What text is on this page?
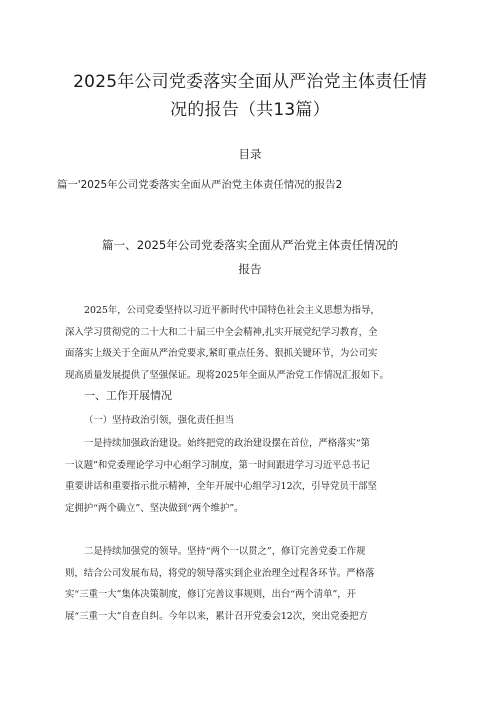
2025年公司党委落实全面从严治党主体责任情
况的报告（共13篇）
目录
篇一'2025年公司党委落实全面从严治党主体责任情况的报告2
篇一、2025年公司党委落实全面从严治党主体责任情况的
报告
2025年，公司党委坚持以习近平新时代中国特色社会主义思想为指导，
深入学习贯彻党的二十大和二十届三中全会精神,扎实开展党纪学习教育，全
面落实上级关于全面从严治党要求,紧盯重点任务、狠抓关键环节，为公司实
现高质量发展提供了坚强保证。现将2025年全面从严治党工作情况汇报如下。
一、工作开展情况
（一）坚持政治引领，强化责任担当
一是持续加强政治建设。始终把党的政治建设摆在首位，严格落实“第
一议题”和党委理论学习中心组学习制度，第一时间跟进学习习近平总书记
重要讲话和重要指示批示精神，全年开展中心组学习12次，引导党员干部坚
定拥护“两个确立”、坚决做到“两个维护”。
二是持续加强党的领导。坚持“两个一以贯之”，修订完善党委工作规
则，结合公司发展布局，将党的领导落实到企业治理全过程各环节。严格落
实“三重一大”集体决策制度，修订完善议事规则，出台“两个清单”，开
展“三重一大”自查自纠。今年以来，累计召开党委会12次，突出党委把方
